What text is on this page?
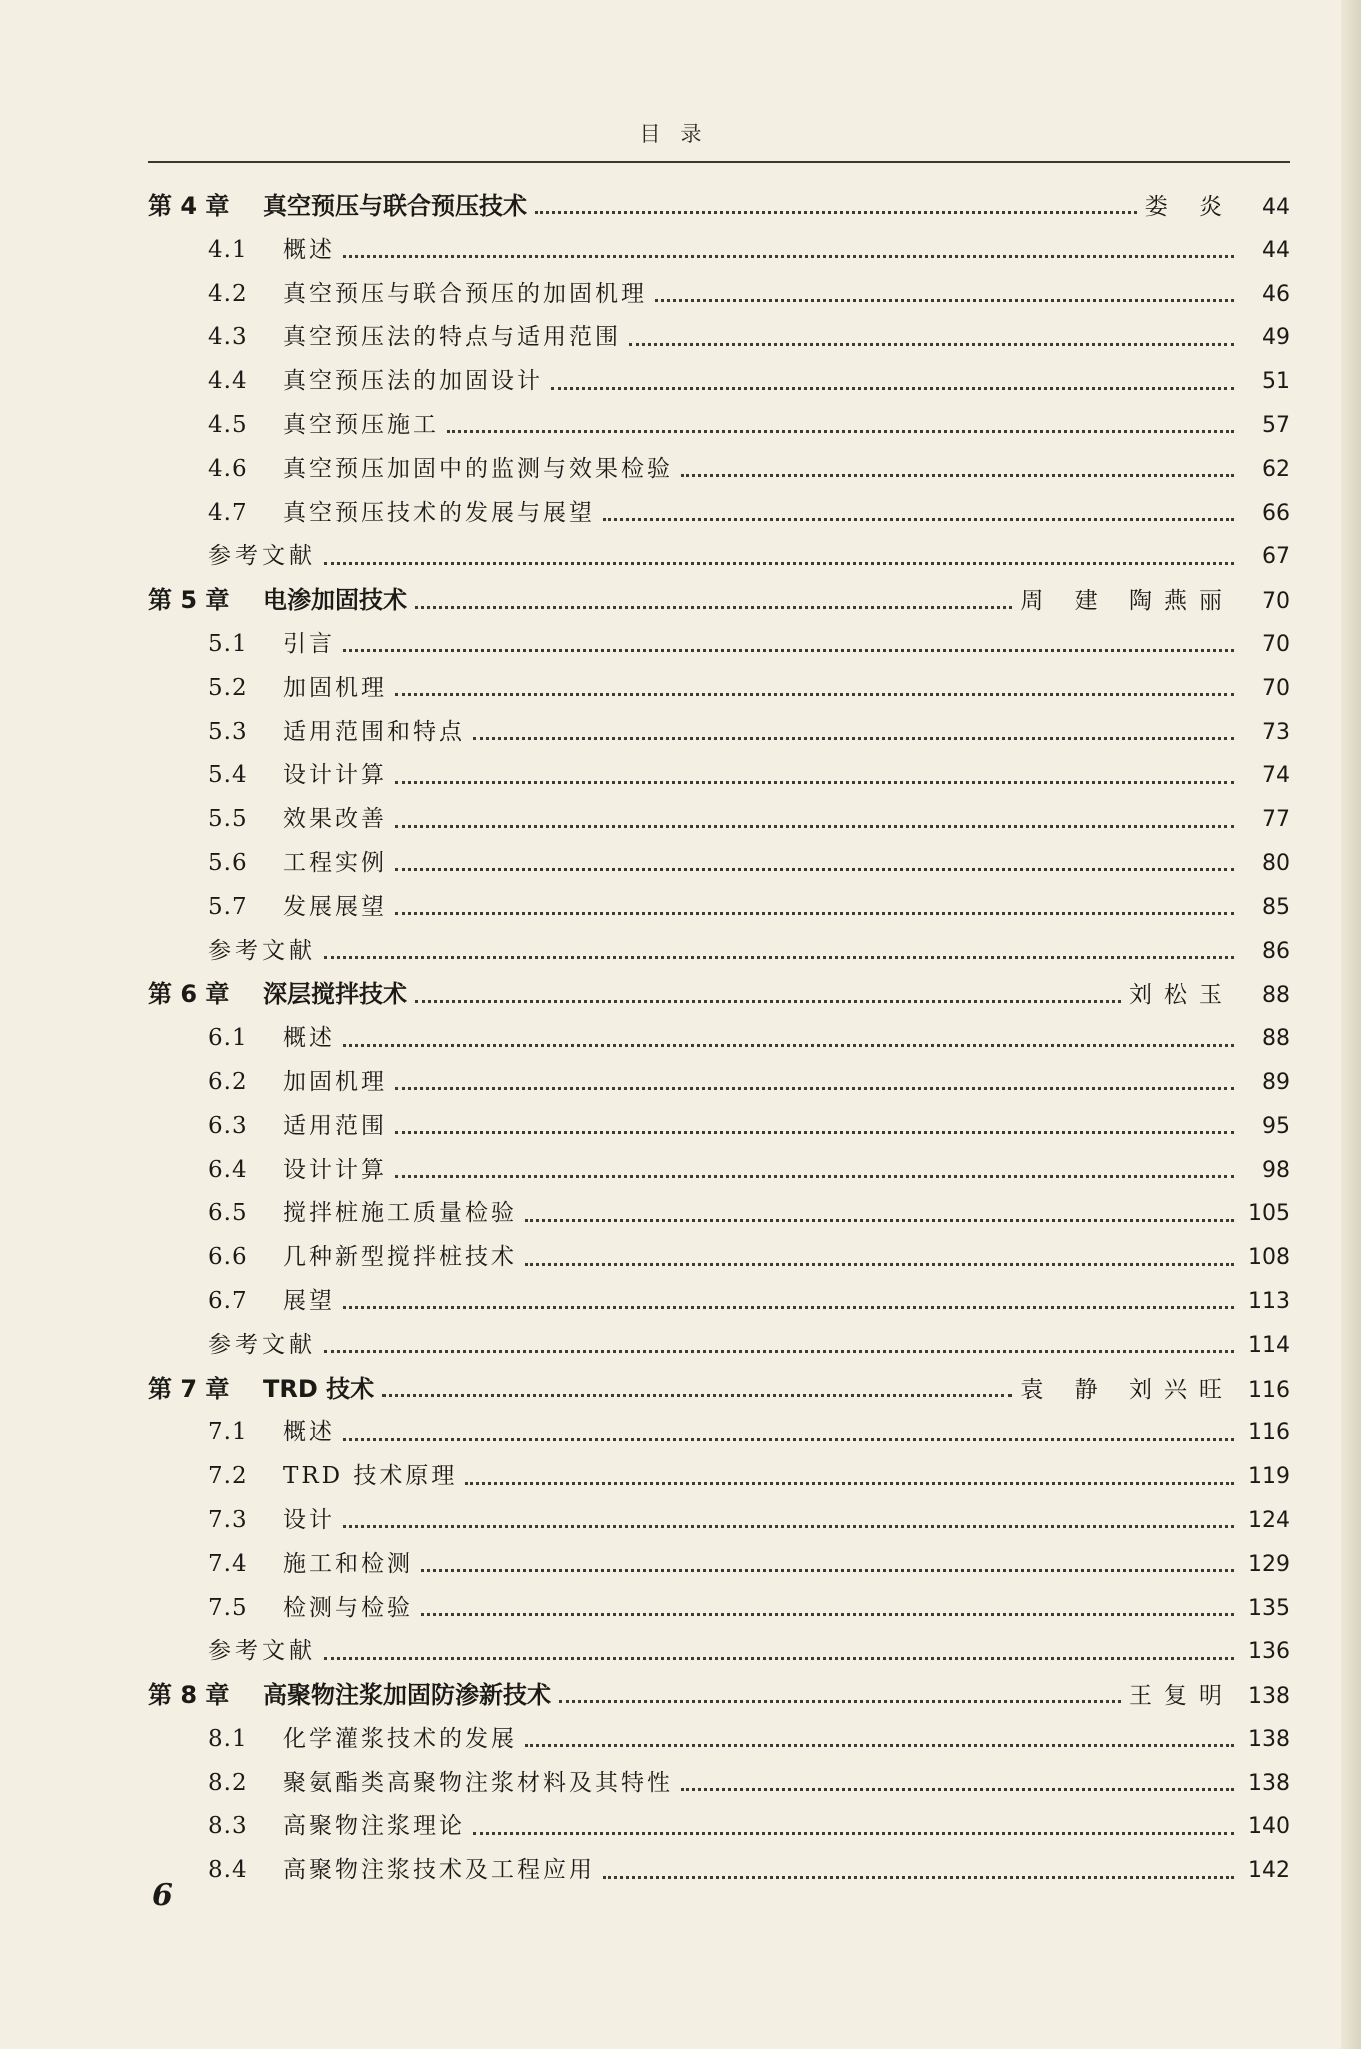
目录
第 4 章	真空预压与联合预压技术	娄 炎	44
4.1	概述	44
4.2	真空预压与联合预压的加固机理	46
4.3	真空预压法的特点与适用范围	49
4.4	真空预压法的加固设计	51
4.5	真空预压施工	57
4.6	真空预压加固中的监测与效果检验	62
4.7	真空预压技术的发展与展望	66
参考文献	67
第 5 章	电渗加固技术	周 建 陶燕丽	70
5.1	引言	70
5.2	加固机理	70
5.3	适用范围和特点	73
5.4	设计计算	74
5.5	效果改善	77
5.6	工程实例	80
5.7	发展展望	85
参考文献	86
第 6 章	深层搅拌技术	刘松玉	88
6.1	概述	88
6.2	加固机理	89
6.3	适用范围	95
6.4	设计计算	98
6.5	搅拌桩施工质量检验	105
6.6	几种新型搅拌桩技术	108
6.7	展望	113
参考文献	114
第 7 章	TRD 技术	袁 静 刘兴旺 116
7.1	概述	116
7.2	TRD 技术原理	119
7.3	设计	124
7.4	施工和检测	129
7.5	检测与检验	135
参考文献	136
第 8 章	高聚物注浆加固防渗新技术	王复明 138
8.1	化学灌浆技术的发展	138
8.2	聚氨酯类高聚物注浆材料及其特性	138
8.3	高聚物注浆理论	140
8.4	高聚物注浆技术及工程应用	142
6
